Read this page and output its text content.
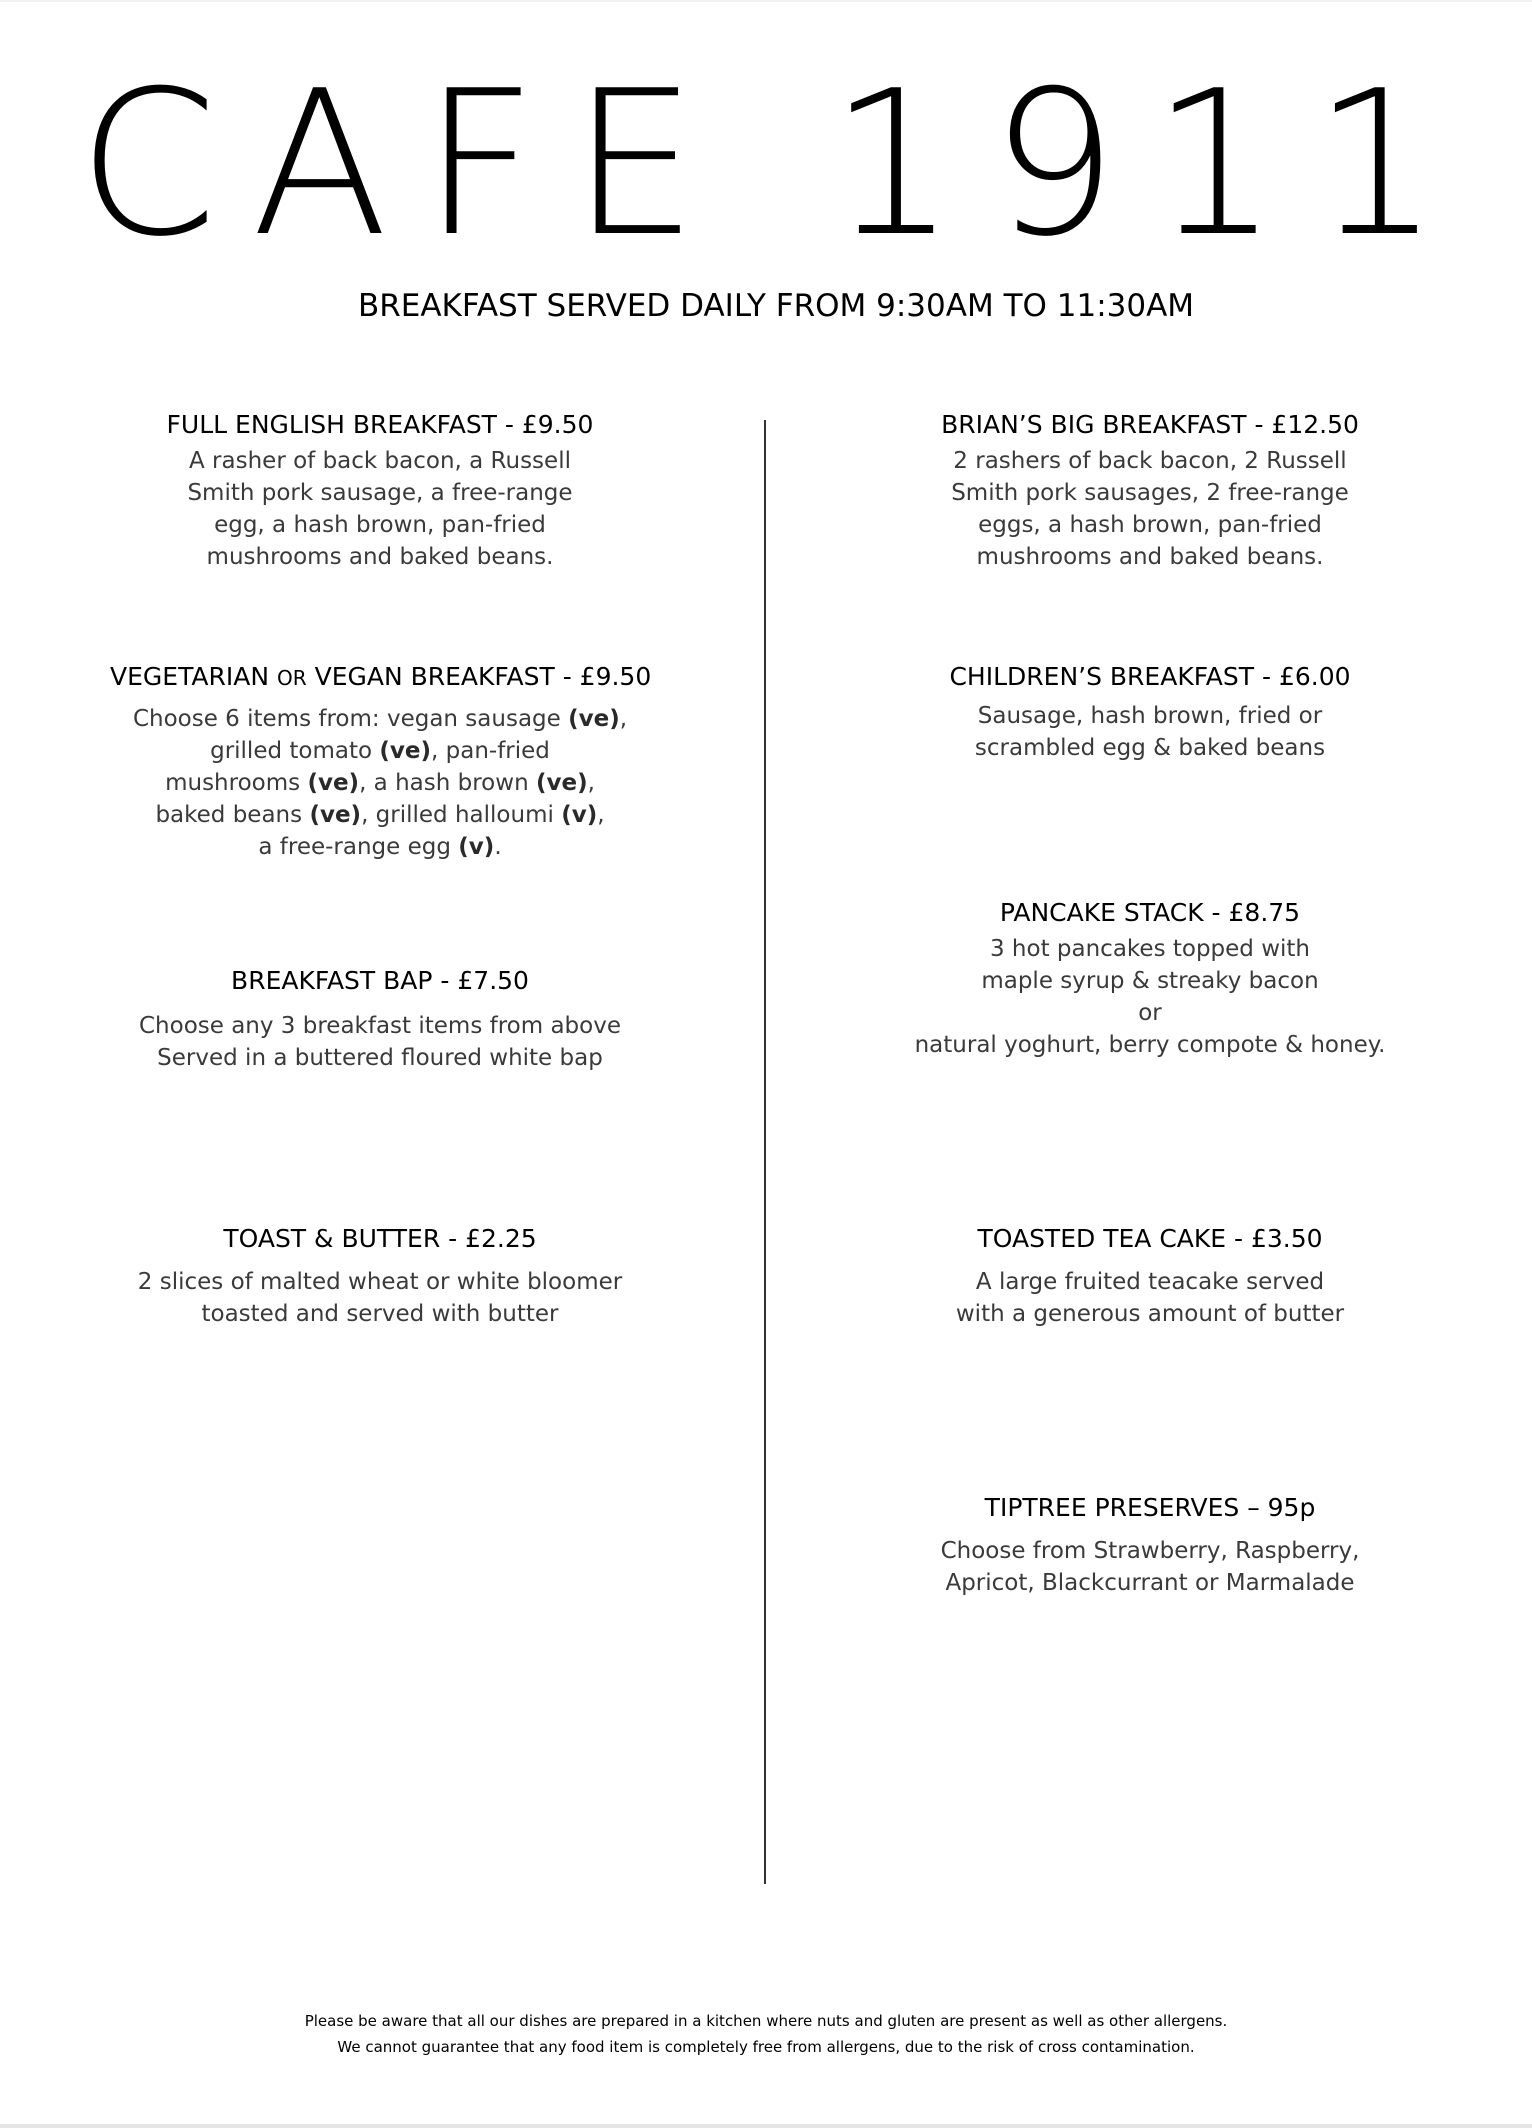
CAFE 1911
BREAKFAST SERVED DAILY FROM 9:30AM TO 11:30AM
FULL ENGLISH BREAKFAST - £9.50
A rasher of back bacon, a Russell
Smith pork sausage, a free-range
egg, a hash brown, pan-fried
mushrooms and baked beans.
VEGETARIAN OR VEGAN BREAKFAST - £9.50
Choose 6 items from: vegan sausage (ve),
grilled tomato (ve), pan-fried
mushrooms (ve), a hash brown (ve),
baked beans (ve), grilled halloumi (v),
a free-range egg (v).
BREAKFAST BAP - £7.50
Choose any 3 breakfast items from above
Served in a buttered floured white bap
TOAST & BUTTER - £2.25
2 slices of malted wheat or white bloomer
toasted and served with butter
BRIAN’S BIG BREAKFAST - £12.50
2 rashers of back bacon, 2 Russell
Smith pork sausages, 2 free-range
eggs, a hash brown, pan-fried
mushrooms and baked beans.
CHILDREN’S BREAKFAST - £6.00
Sausage, hash brown, fried or
scrambled egg & baked beans
PANCAKE STACK - £8.75
3 hot pancakes topped with
maple syrup & streaky bacon
or
natural yoghurt, berry compote & honey.
TOASTED TEA CAKE - £3.50
A large fruited teacake served
with a generous amount of butter
TIPTREE PRESERVES – 95p
Choose from Strawberry, Raspberry,
Apricot, Blackcurrant or Marmalade
Please be aware that all our dishes are prepared in a kitchen where nuts and gluten are present as well as other allergens.
We cannot guarantee that any food item is completely free from allergens, due to the risk of cross contamination.
